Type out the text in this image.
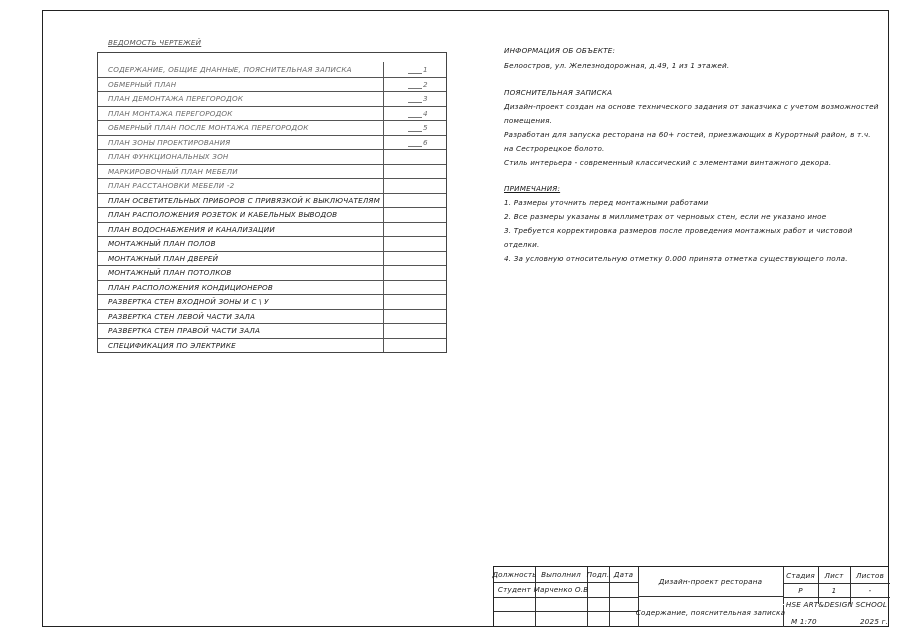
ВЕДОМОСТЬ ЧЕРТЕЖЕЙ
СОДЕРЖАНИЕ, ОБЩИЕ ДНАННЫЕ, ПОЯСНИТЕЛЬНАЯ ЗАПИСКА	1
ОБМЕРНЫЙ ПЛАН	2
ПЛАН ДЕМОНТАЖА ПЕРЕГОРОДОК	3
ПЛАН МОНТАЖА ПЕРЕГОРОДОК	4
ОБМЕРНЫЙ ПЛАН ПОСЛЕ МОНТАЖА ПЕРЕГОРОДОК	5
ПЛАН ЗОНЫ ПРОЕКТИРОВАНИЯ	6
ПЛАН ФУНКЦИОНАЛЬНЫХ ЗОН
МАРКИРОВОЧНЫЙ ПЛАН МЕБЕЛИ
ПЛАН РАССТАНОВКИ МЕБЕЛИ -2
ПЛАН ОСВЕТИТЕЛЬНЫХ ПРИБОРОВ С ПРИВЯЗКОЙ К ВЫКЛЮЧАТЕЛЯМ
ПЛАН РАСПОЛОЖЕНИЯ РОЗЕТОК И КАБЕЛЬНЫХ ВЫВОДОВ
ПЛАН ВОДОСНАБЖЕНИЯ И КАНАЛИЗАЦИИ
МОНТАЖНЫЙ ПЛАН ПОЛОВ
МОНТАЖНЫЙ ПЛАН ДВЕРЕЙ
МОНТАЖНЫЙ ПЛАН ПОТОЛКОВ
ПЛАН РАСПОЛОЖЕНИЯ КОНДИЦИОНЕРОВ
РАЗВЕРТКА СТЕН ВХОДНОЙ ЗОНЫ И С \ У
РАЗВЕРТКА СТЕН ЛЕВОЙ ЧАСТИ ЗАЛА
РАЗВЕРТКА СТЕН ПРАВОЙ ЧАСТИ ЗАЛА
СПЕЦИФИКАЦИЯ ПО ЭЛЕКТРИКЕ
ИНФОРМАЦИЯ ОБ ОБЪЕКТЕ:
Белоостров, ул. Железнодорожная, д.49, 1 из 1 этажей.
ПОЯСНИТЕЛЬНАЯ ЗАПИСКА
Дизайн-проект создан на основе технического задания от заказчика с учетом возможностей
помещения.
Разработан для запуска ресторана на 60+ гостей, приезжающих в Курортный район, в т.ч.
на Сестрорецкое болото.
Стиль интерьера - современный классический с элементами винтажного декора.
ПРИМЕЧАНИЯ:
1. Размеры уточнить перед монтажными работами
2. Все размеры указаны в миллиметрах от черновых стен, если не указано иное
3. Требуется корректировка размеров после проведения монтажных работ и чистовой
отделки.
4. За условную относительную отметку 0.000 принята отметка существующего пола.
Должность Выполнил Подп. Дата
Студент Марченко О.В
Дизайн-проект ресторана
Содержание, пояснительная записка
Стадия	Лист	Листов
Р	1	-
HSE ART&DESIGN SCHOOL
М 1:70	2025 г.
